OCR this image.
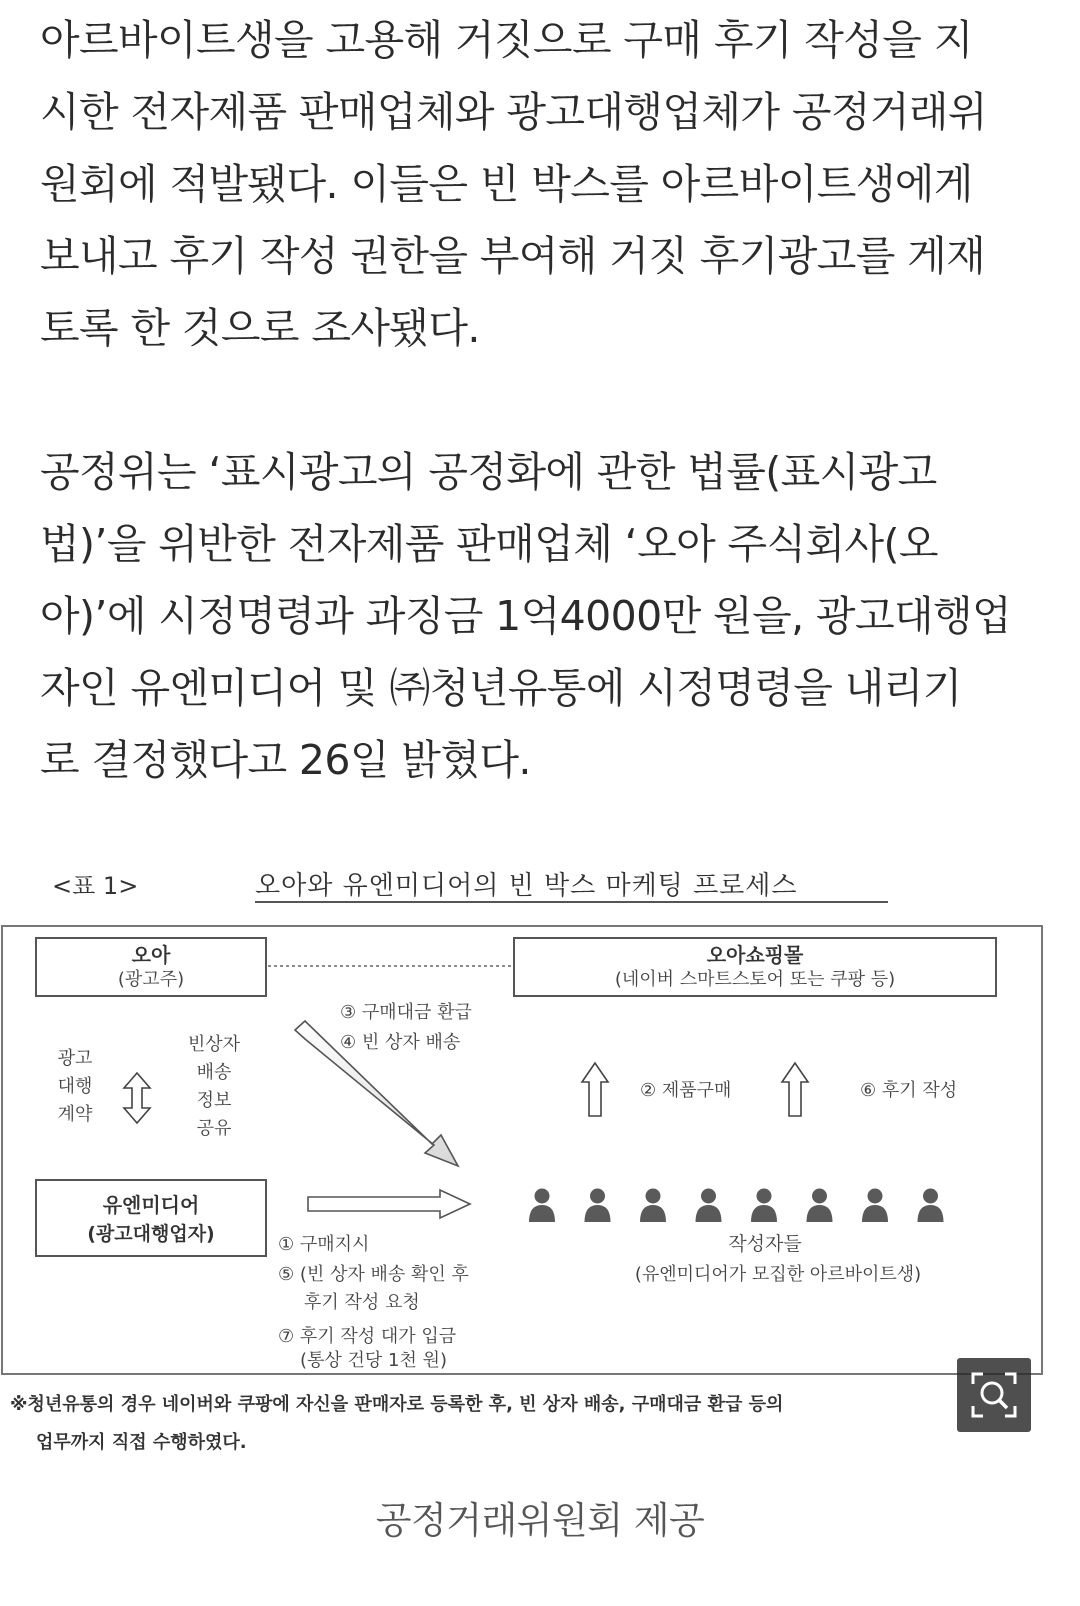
아르바이트생을 고용해 거짓으로 구매 후기 작성을 지
시한 전자제품 판매업체와 광고대행업체가 공정거래위
원회에 적발됐다. 이들은 빈 박스를 아르바이트생에게
보내고 후기 작성 권한을 부여해 거짓 후기광고를 게재
토록 한 것으로 조사됐다.

공정위는 ‘표시광고의 공정화에 관한 법률(표시광고
법)’을 위반한 전자제품 판매업체 ‘오아 주식회사(오
아)’에 시정명령과 과징금 1억4000만 원을, 광고대행업
자인 유엔미디어 및 ㈜청년유통에 시정명령을 내리기
로 결정했다고 26일 밝혔다.

<표 1>	오아와 유엔미디어의 빈 박스 마케팅 프로세스
오아
(광고주)
오아쇼핑몰
(네이버 스마트스토어 또는 쿠팡 등)
광고
대행
계약
빈상자
배송
정보
공유
③ 구매대금 환급
④ 빈 상자 배송
② 제품구매	⑥ 후기 작성
유엔미디어
(광고대행업자)	작성자들
(유엔미디어가 모집한 아르바이트생)
① 구매지시
⑤ (빈 상자 배송 확인 후
후기 작성 요청
⑦ 후기 작성 대가 입금
(통상 건당 1천 원)
※청년유통의 경우 네이버와 쿠팡에 자신을 판매자로 등록한 후, 빈 상자 배송, 구매대금 환급 등의
업무까지 직접 수행하였다.
공정거래위원회 제공
